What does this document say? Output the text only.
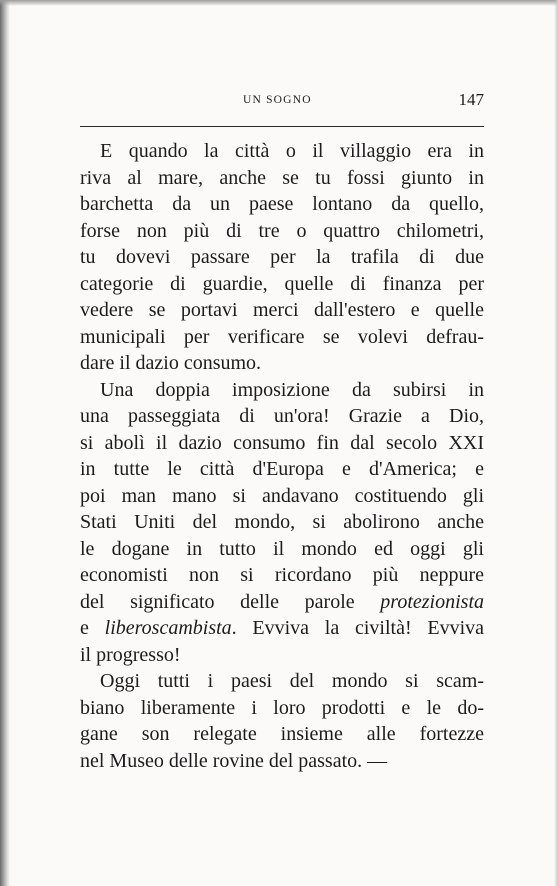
UN SOGNO	147
E quando la città o il villaggio era in
riva al mare, anche se tu fossi giunto in
barchetta da un paese lontano da quello,
forse non più di tre o quattro chilometri,
tu dovevi passare per la trafila di due
categorie di guardie, quelle di finanza per
vedere se portavi merci dall'estero e quelle
municipali per verificare se volevi defrau-
dare il dazio consumo.
Una doppia imposizione da subirsi in
una passeggiata di un'ora! Grazie a Dio,
si abolì il dazio consumo fin dal secolo XXI
in tutte le città d'Europa e d'America; e
poi man mano si andavano costituendo gli
Stati Uniti del mondo, si abolirono anche
le dogane in tutto il mondo ed oggi gli
economisti non si ricordano più neppure
del significato delle parole protezionista
e liberoscambista. Evviva la civiltà! Evviva
il progresso!
Oggi tutti i paesi del mondo si scam-
biano liberamente i loro prodotti e le do-
gane son relegate insieme alle fortezze
nel Museo delle rovine del passato. —
